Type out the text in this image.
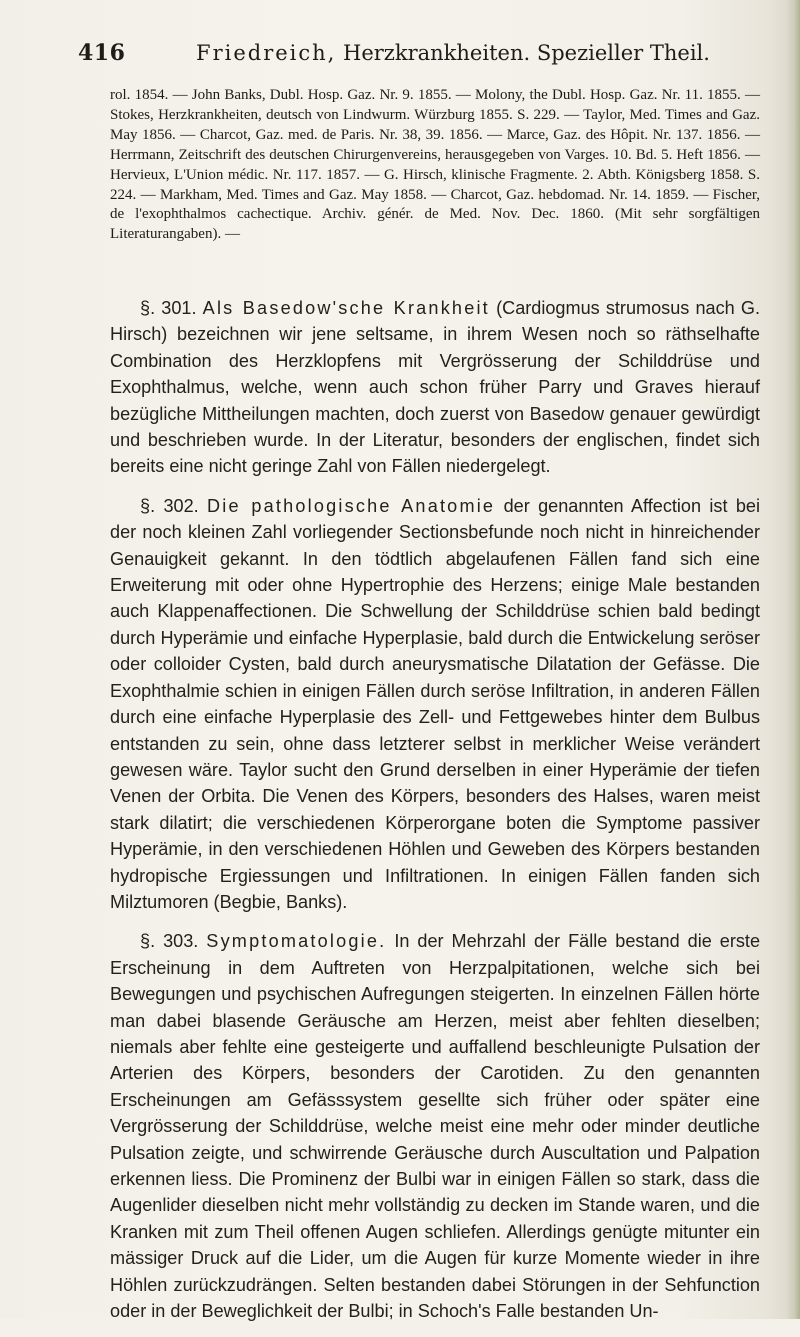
416	Friedreich, Herzkrankheiten. Spezieller Theil.
rol. 1854. — John Banks, Dubl. Hosp. Gaz. Nr. 9. 1855. — Molony, the Dubl. Hosp. Gaz. Nr. 11. 1855. — Stokes, Herzkrankheiten, deutsch von Lindwurm. Würzburg 1855. S. 229. — Taylor, Med. Times and Gaz. May 1856. — Charcot, Gaz. med. de Paris. Nr. 38, 39. 1856. — Marce, Gaz. des Hôpit. Nr. 137. 1856. — Herrmann, Zeitschrift des deutschen Chirurgenvereins, herausgegeben von Varges. 10. Bd. 5. Heft 1856. — Hervieux, L'Union médic. Nr. 117. 1857. — G. Hirsch, klinische Fragmente. 2. Abth. Königsberg 1858. S. 224. — Markham, Med. Times and Gaz. May 1858. — Charcot, Gaz. hebdomad. Nr. 14. 1859. — Fischer, de l'exophthalmos cachectique. Archiv. génér. de Med. Nov. Dec. 1860. (Mit sehr sorgfältigen Literaturangaben). —

§. 301. Als Basedow'sche Krankheit (Cardiogmus strumosus nach G. Hirsch) bezeichnen wir jene seltsame, in ihrem Wesen noch so räthselhafte Combination des Herzklopfens mit Vergrösserung der Schilddrüse und Exophthalmus, welche, wenn auch schon früher Parry und Graves hierauf bezügliche Mittheilungen machten, doch zuerst von Basedow genauer gewürdigt und beschrieben wurde. In der Literatur, besonders der englischen, findet sich bereits eine nicht geringe Zahl von Fällen niedergelegt.

§. 302. Die pathologische Anatomie der genannten Affection ist bei der noch kleinen Zahl vorliegender Sectionsbefunde noch nicht in hinreichender Genauigkeit gekannt. In den tödtlich abgelaufenen Fällen fand sich eine Erweiterung mit oder ohne Hypertrophie des Herzens; einige Male bestanden auch Klappenaffectionen. Die Schwellung der Schilddrüse schien bald bedingt durch Hyperämie und einfache Hyperplasie, bald durch die Entwickelung seröser oder colloider Cysten, bald durch aneurysmatische Dilatation der Gefässe. Die Exophthalmie schien in einigen Fällen durch seröse Infiltration, in anderen Fällen durch eine einfache Hyperplasie des Zell- und Fettgewebes hinter dem Bulbus entstanden zu sein, ohne dass letzterer selbst in merklicher Weise verändert gewesen wäre. Taylor sucht den Grund derselben in einer Hyperämie der tiefen Venen der Orbita. Die Venen des Körpers, besonders des Halses, waren meist stark dilatirt; die verschiedenen Körperorgane boten die Symptome passiver Hyperämie, in den verschiedenen Höhlen und Geweben des Körpers bestanden hydropische Ergiessungen und Infiltrationen. In einigen Fällen fanden sich Milztumoren (Begbie, Banks).

§. 303. Symptomatologie. In der Mehrzahl der Fälle bestand die erste Erscheinung in dem Auftreten von Herzpalpitationen, welche sich bei Bewegungen und psychischen Aufregungen steigerten. In einzelnen Fällen hörte man dabei blasende Geräusche am Herzen, meist aber fehlten dieselben; niemals aber fehlte eine gesteigerte und auffallend beschleunigte Pulsation der Arterien des Körpers, besonders der Carotiden. Zu den genannten Erscheinungen am Gefässsystem gesellte sich früher oder später eine Vergrösserung der Schilddrüse, welche meist eine mehr oder minder deutliche Pulsation zeigte, und schwirrende Geräusche durch Auscultation und Palpation erkennen liess. Die Prominenz der Bulbi war in einigen Fällen so stark, dass die Augenlider dieselben nicht mehr vollständig zu decken im Stande waren, und die Kranken mit zum Theil offenen Augen schliefen. Allerdings genügte mitunter ein mässiger Druck auf die Lider, um die Augen für kurze Momente wieder in ihre Höhlen zurückzudrängen. Selten bestanden dabei Störungen in der Sehfunction oder in der Beweglichkeit der Bulbi; in Schoch's Falle bestanden Un-
